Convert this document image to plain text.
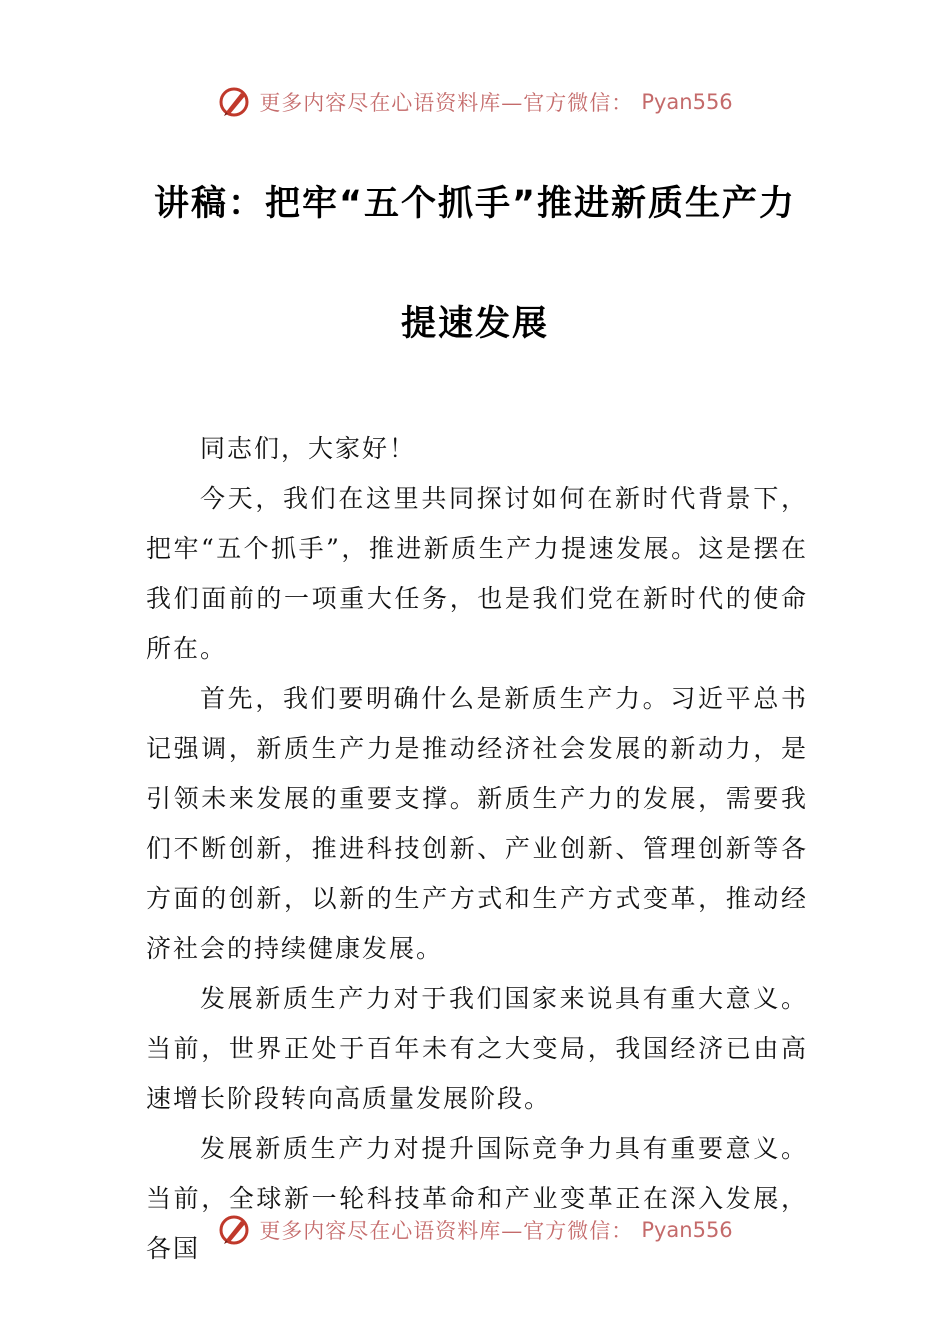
更多内容尽在心语资料库—官方微信： Pyan556
讲稿：把牢“五个抓手”推进新质生产力
提速发展

同志们，大家好！

今天，我们在这里共同探讨如何在新时代背景下，把牢“五个抓手”，推进新质生产力提速发展。这是摆在我们面前的一项重大任务，也是我们党在新时代的使命所在。

首先，我们要明确什么是新质生产力。习近平总书记强调，新质生产力是推动经济社会发展的新动力，是引领未来发展的重要支撑。新质生产力的发展，需要我们不断创新，推进科技创新、产业创新、管理创新等各方面的创新，以新的生产方式和生产方式变革，推动经济社会的持续健康发展。

发展新质生产力对于我们国家来说具有重大意义。当前，世界正处于百年未有之大变局，我国经济已由高速增长阶段转向高质量发展阶段。

发展新质生产力对提升国际竞争力具有重要意义。当前，全球新一轮科技革命和产业变革正在深入发展，各国

更多内容尽在心语资料库—官方微信： Pyan556
